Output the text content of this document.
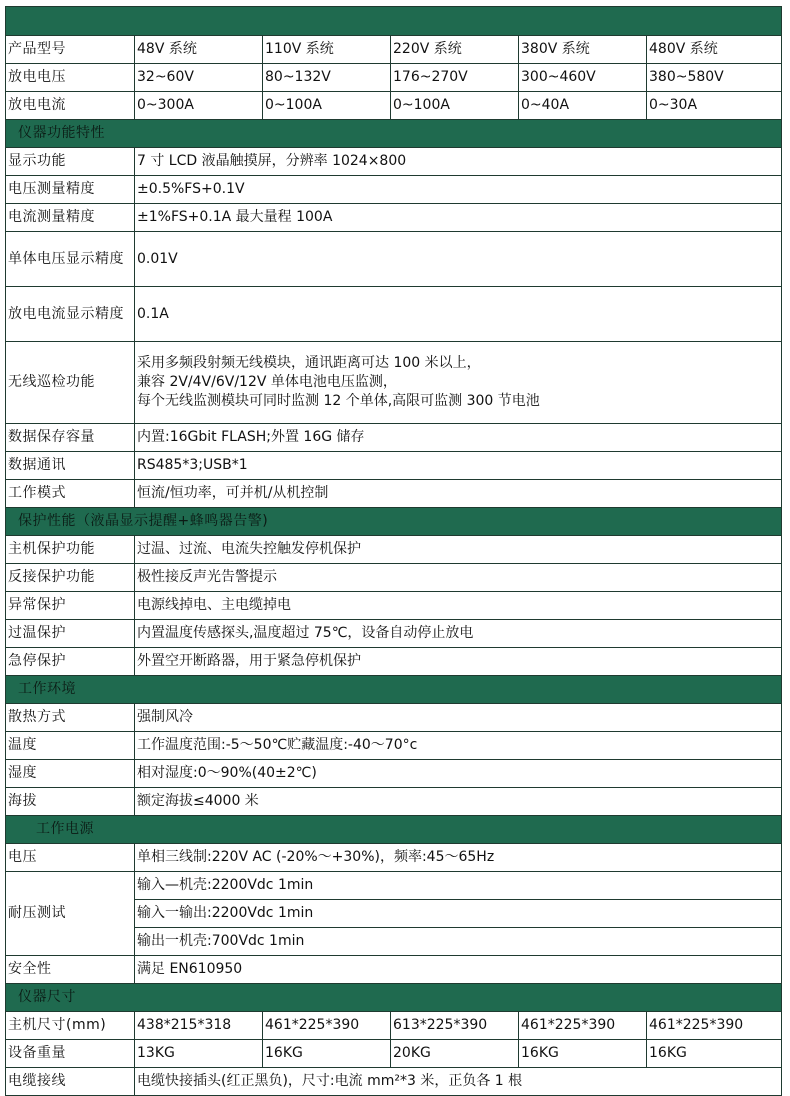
产品型号	48V 系统	110V 系统	220V 系统	380V 系统	480V 系统
放电电压	32~60V	80~132V	176~270V	300~460V	380~580V
放电电流	0~300A	0~100A	0~100A	0~40A	0~30A
仪器功能特性					
显示功能	7 寸 LCD 液晶触摸屏，分辨率 1024×800				
电压测量精度	±0.5%FS+0.1V				
电流测量精度	±1%FS+0.1A 最大量程 100A				
单体电压显示精度	0.01V				
放电电流显示精度	0.1A				
无线巡检功能	采用多频段射频无线模块，通讯距离可达 100 米以上，
兼容 2V/4V/6V/12V 单体电池电压监测，
每个无线监测模块可同时监测 12 个单体,高限可监测 300 节电池				

数据保存容量	内置:16Gbit FLASH;外置 16G 储存				
数据通讯	RS485*3;USB*1				
工作模式	恒流/恒功率，可并机/从机控制				
保护性能（液晶显示提醒+蜂鸣器告警)					
主机保护功能	过温、过流、电流失控触发停机保护				
反接保护功能	极性接反声光告警提示				
异常保护	电源线掉电、主电缆掉电				
过温保护	内置温度传感探头,温度超过 75℃，设备自动停止放电				
急停保护	外置空开断路器，用于紧急停机保护				
工作环境					
散热方式	强制风冷				
温度	工作温度范围:-5～50℃贮藏温度:-40～70°c				
湿度	相对湿度:0～90%(40±2℃)				
海拔	额定海拔≤4000 米				
工作电源					
电压	单相三线制:220V AC (-20%～+30%)，频率:45～65Hz				
耐压测试	输入—机壳:2200Vdc 1min				
	输入一输出:2200Vdc 1min				
	输出一机壳:700Vdc 1min				
安全性	满足 EN610950				
仪器尺寸					
主机尺寸(mm)	438*215*318	461*225*390	613*225*390	461*225*390	461*225*390
设备重量	13KG	16KG	20KG	16KG	16KG
电缆接线	电缆快接插头(红正黑负)，尺寸:电流 mm²*3 米，正负各 1 根				
